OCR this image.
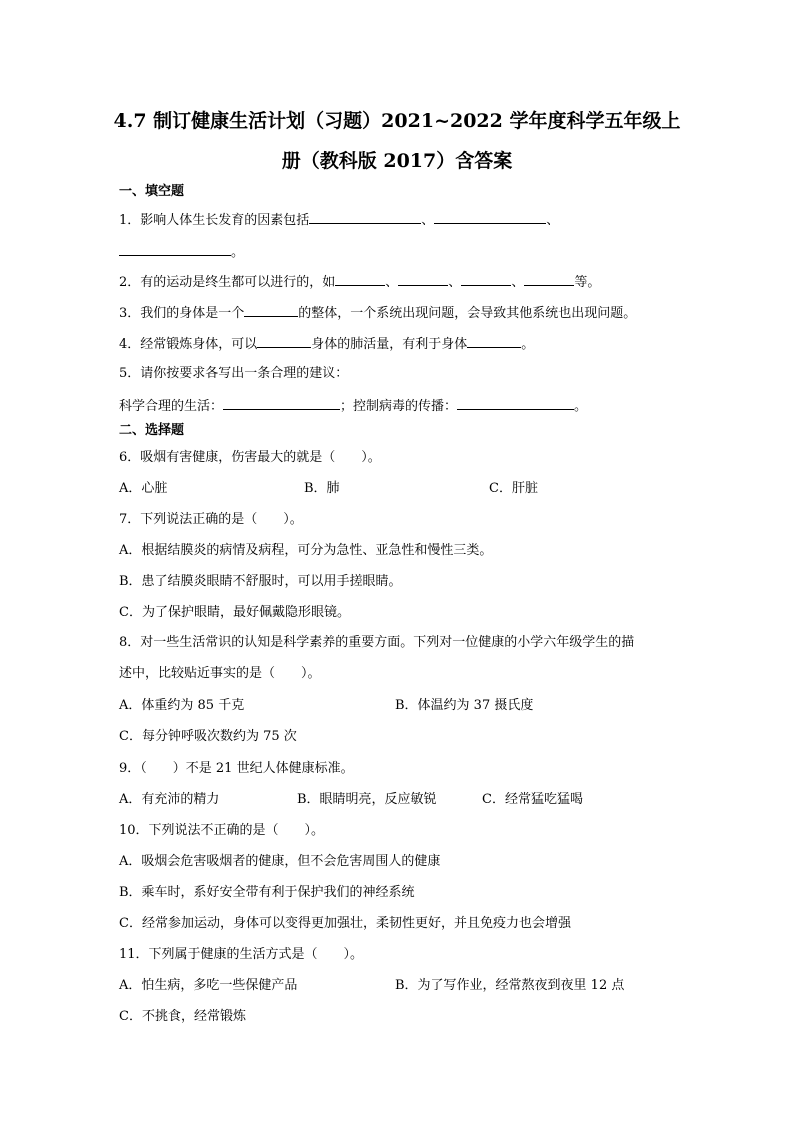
4.7 制订健康生活计划（习题）2021~2022 学年度科学五年级上
册（教科版 2017）含答案
一、填空题
1．影响人体生长发育的因素包括	、	、
。
2．有的运动是终生都可以进行的，如	、	、	、	等。
3．我们的身体是一个	的整体，一个系统出现问题，会导致其他系统也出现问题。
4．经常锻炼身体，可以	身体的肺活量，有利于身体	。
5．请你按要求各写出一条合理的建议：
科学合理的生活：	；控制病毒的传播：	。
二、选择题
6．吸烟有害健康，伤害最大的就是（　　）。
A．心脏	B．肺	C．肝脏
7．下列说法正确的是（　　）。
A．根据结膜炎的病情及病程，可分为急性、亚急性和慢性三类。
B．患了结膜炎眼睛不舒服时，可以用手搓眼睛。
C．为了保护眼睛，最好佩戴隐形眼镜。
8．对一些生活常识的认知是科学素养的重要方面。下列对一位健康的小学六年级学生的描
述中，比较贴近事实的是（　　）。
A．体重约为 85 千克	B．体温约为 37 摄氏度
C．每分钟呼吸次数约为 75 次
9．（　　）不是 21 世纪人体健康标准。
A．有充沛的精力	B．眼睛明亮，反应敏锐	C．经常猛吃猛喝
10．下列说法不正确的是（　　）。
A．吸烟会危害吸烟者的健康，但不会危害周围人的健康
B．乘车时，系好安全带有利于保护我们的神经系统
C．经常参加运动，身体可以变得更加强壮，柔韧性更好，并且免疫力也会增强
11．下列属于健康的生活方式是（　　）。
A．怕生病，多吃一些保健产品	B．为了写作业，经常熬夜到夜里 12 点
C．不挑食，经常锻炼
